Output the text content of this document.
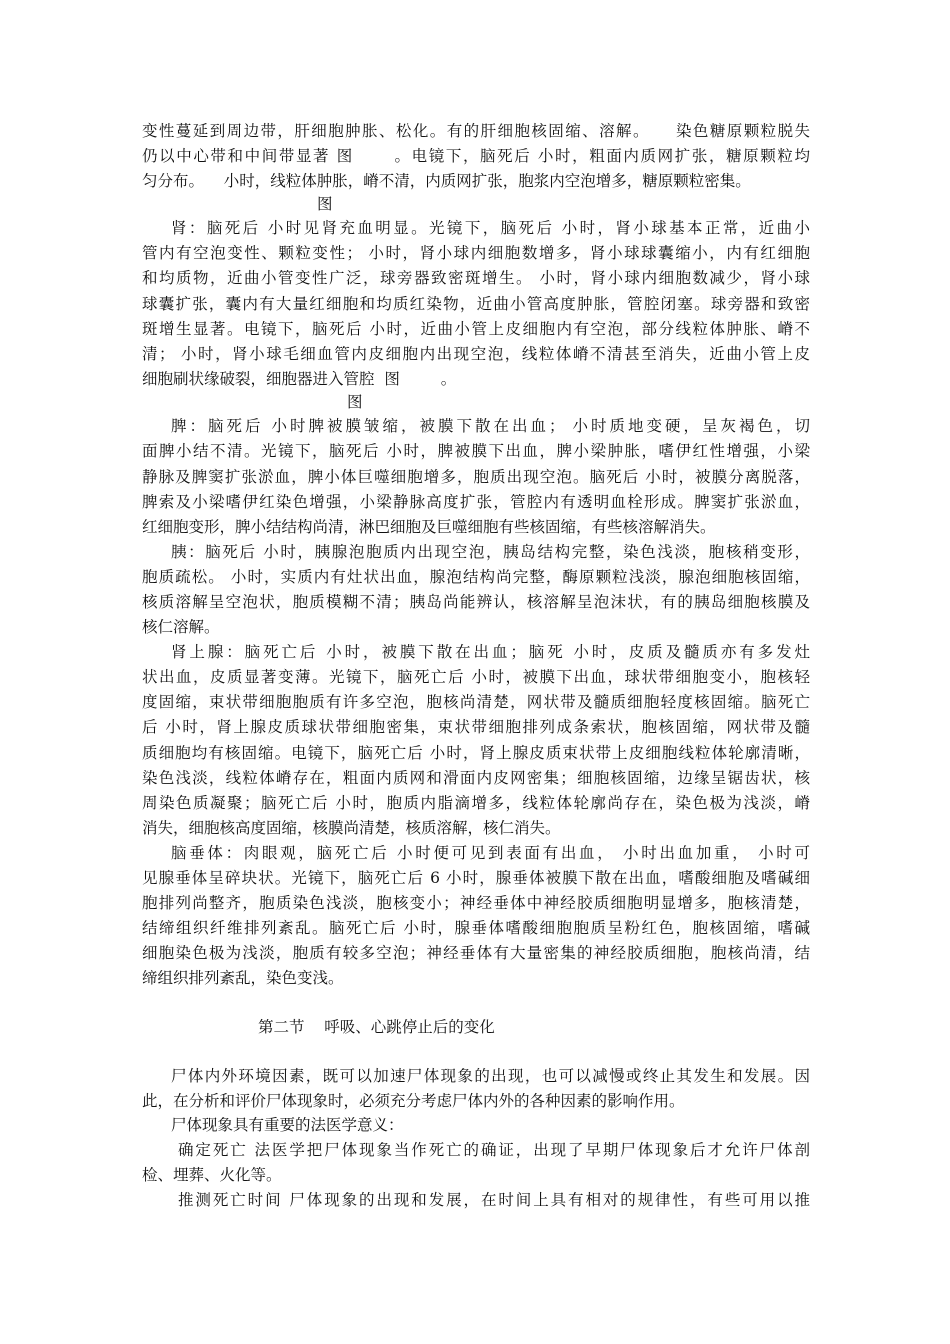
变性蔓延到周边带，肝细胞肿胀、松化。有的肝细胞核固缩、溶解。　　染色糖原颗粒脱失
仍以中心带和中间带显著 图　　 。电镜下，脑死后 小时，粗面内质网扩张，糖原颗粒均
匀分布。    小时，线粒体肿胀，嵴不清，内质网扩张，胞浆内空泡增多，糖原颗粒密集。
图
肾：脑死后 小时见肾充血明显。光镜下，脑死后 小时，肾小球基本正常，近曲小
管内有空泡变性、颗粒变性； 小时，肾小球内细胞数增多，肾小球球囊缩小，内有红细胞
和均质物，近曲小管变性广泛，球旁器致密斑增生。 小时，肾小球内细胞数减少，肾小球
球囊扩张，囊内有大量红细胞和均质红染物，近曲小管高度肿胀，管腔闭塞。球旁器和致密
斑增生显著。电镜下，脑死后 小时，近曲小管上皮细胞内有空泡，部分线粒体肿胀、嵴不
清； 小时，肾小球毛细血管内皮细胞内出现空泡，线粒体嵴不清甚至消失，近曲小管上皮
细胞刷状缘破裂，细胞器进入管腔  图　　  。
图
脾：脑死后 小时脾被膜皱缩，被膜下散在出血； 小时质地变硬，呈灰褐色，切
面脾小结不清。光镜下，脑死后 小时，脾被膜下出血，脾小梁肿胀，嗜伊红性增强，小梁
静脉及脾窦扩张淤血，脾小体巨噬细胞增多，胞质出现空泡。脑死后 小时，被膜分离脱落，
脾索及小梁嗜伊红染色增强，小梁静脉高度扩张，管腔内有透明血栓形成。脾窦扩张淤血，
红细胞变形，脾小结结构尚清，淋巴细胞及巨噬细胞有些核固缩，有些核溶解消失。
胰：脑死后 小时，胰腺泡胞质内出现空泡，胰岛结构完整，染色浅淡，胞核稍变形，
胞质疏松。 小时，实质内有灶状出血，腺泡结构尚完整，酶原颗粒浅淡，腺泡细胞核固缩，
核质溶解呈空泡状，胞质模糊不清；胰岛尚能辨认，核溶解呈泡沫状，有的胰岛细胞核膜及
核仁溶解。
肾上腺：脑死亡后 小时，被膜下散在出血；脑死 小时，皮质及髓质亦有多发灶
状出血，皮质显著变薄。光镜下，脑死亡后 小时，被膜下出血，球状带细胞变小，胞核轻
度固缩，束状带细胞胞质有许多空泡，胞核尚清楚，网状带及髓质细胞轻度核固缩。脑死亡
后 小时，肾上腺皮质球状带细胞密集，束状带细胞排列成条索状，胞核固缩，网状带及髓
质细胞均有核固缩。电镜下，脑死亡后 小时，肾上腺皮质束状带上皮细胞线粒体轮廓清晰，
染色浅淡，线粒体嵴存在，粗面内质网和滑面内皮网密集；细胞核固缩，边缘呈锯齿状，核
周染色质凝聚；脑死亡后 小时，胞质内脂滴增多，线粒体轮廓尚存在，染色极为浅淡，嵴
消失，细胞核高度固缩，核膜尚清楚，核质溶解，核仁消失。
脑垂体：肉眼观，脑死亡后 小时便可见到表面有出血， 小时出血加重， 小时可
见腺垂体呈碎块状。光镜下，脑死亡后 6 小时，腺垂体被膜下散在出血，嗜酸细胞及嗜碱细
胞排列尚整齐，胞质染色浅淡，胞核变小；神经垂体中神经胶质细胞明显增多，胞核清楚，
结缔组织纤维排列紊乱。脑死亡后 小时，腺垂体嗜酸细胞胞质呈粉红色，胞核固缩，嗜碱
细胞染色极为浅淡，胞质有较多空泡；神经垂体有大量密集的神经胶质细胞，胞核尚清，结
缔组织排列紊乱，染色变浅。
第二节    呼吸、心跳停止后的变化
尸体内外环境因素，既可以加速尸体现象的出现，也可以减慢或终止其发生和发展。因
此，在分析和评价尸体现象时，必须充分考虑尸体内外的各种因素的影响作用。
尸体现象具有重要的法医学意义：
确定死亡 法医学把尸体现象当作死亡的确证，出现了早期尸体现象后才允许尸体剖
检、埋葬、火化等。
推测死亡时间 尸体现象的出现和发展，在时间上具有相对的规律性，有些可用以推
